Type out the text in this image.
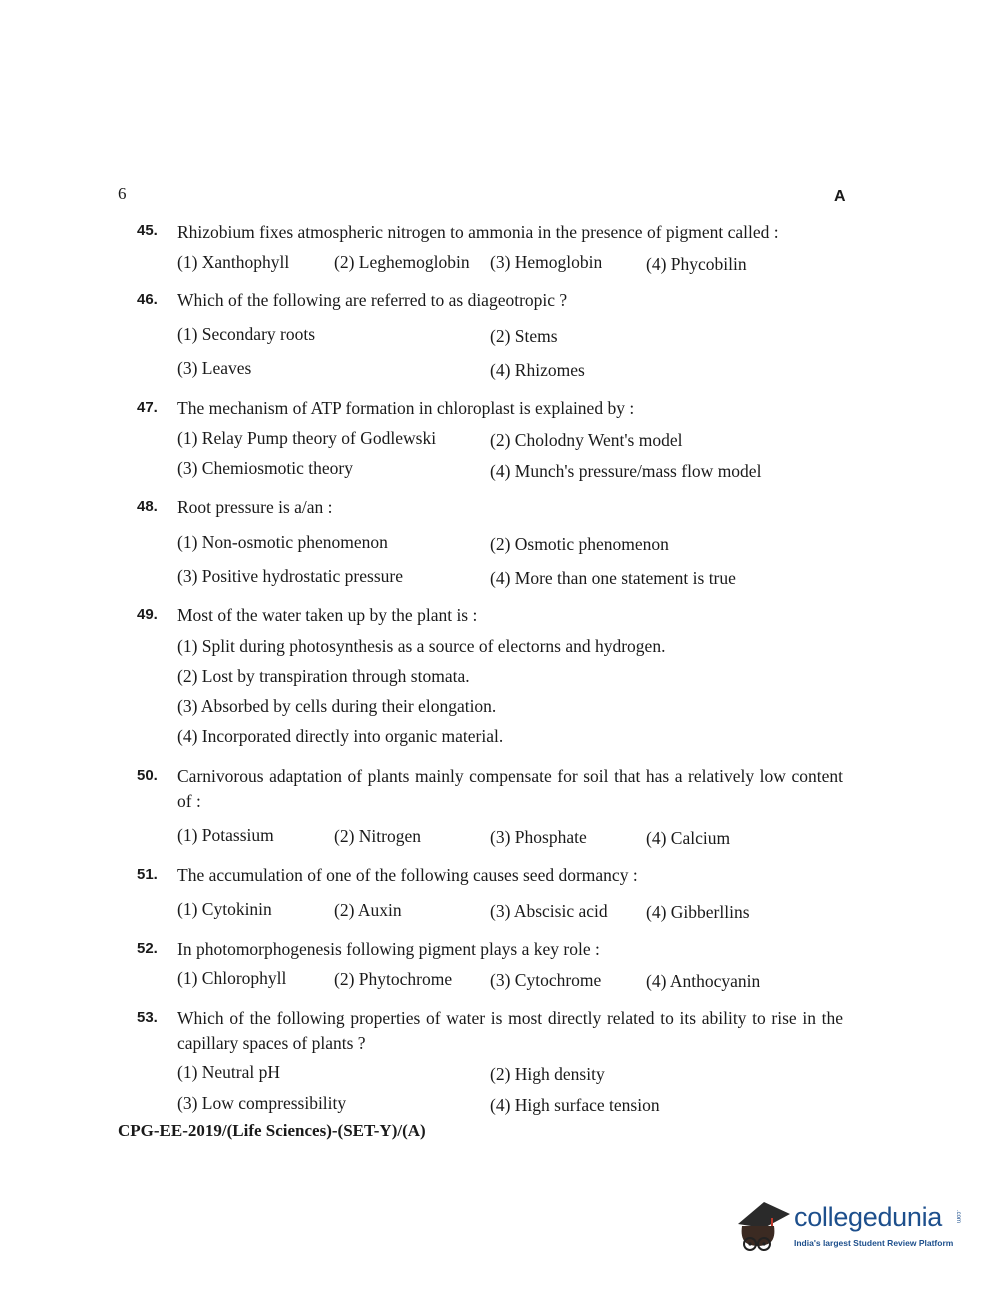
6	A
45. Rhizobium fixes atmospheric nitrogen to ammonia in the presence of pigment called :
(1) Xanthophyll	(2) Leghemoglobin (3) Hemoglobin (4) Phycobilin
46. Which of the following are referred to as diageotropic ?
(1) Secondary roots	(2) Stems
(3) Leaves	(4) Rhizomes
47. The mechanism of ATP formation in chloroplast is explained by :
(1) Relay Pump theory of Godlewski	(2) Cholodny Went's model
(3) Chemiosmotic theory	(4) Munch's pressure/mass flow model
48. Root pressure is a/an :
(1) Non-osmotic phenomenon	(2) Osmotic phenomenon
(3) Positive hydrostatic pressure	(4) More than one statement is true
49. Most of the water taken up by the plant is :
(1) Split during photosynthesis as a source of electorns and hydrogen.
(2) Lost by transpiration through stomata.
(3) Absorbed by cells during their elongation.
(4) Incorporated directly into organic material.
50. Carnivorous adaptation of plants mainly compensate for soil that has a relatively low content of :
(1) Potassium	(2) Nitrogen	(3) Phosphate	(4) Calcium
51. The accumulation of one of the following causes seed dormancy :
(1) Cytokinin	(2) Auxin	(3) Abscisic acid (4) Gibberllins
52. In photomorphogenesis following pigment plays a key role :
(1) Chlorophyll	(2) Phytochrome (3) Cytochrome	(4) Anthocyanin
53. Which of the following properties of water is most directly related to its ability to rise in the capillary spaces of plants ?
(1) Neutral pH	(2) High density
(3) Low compressibility	(4) High surface tension
CPG-EE-2019/(Life Sciences)-(SET-Y)/(A)
collegedunia .com
India's largest Student Review Platform
